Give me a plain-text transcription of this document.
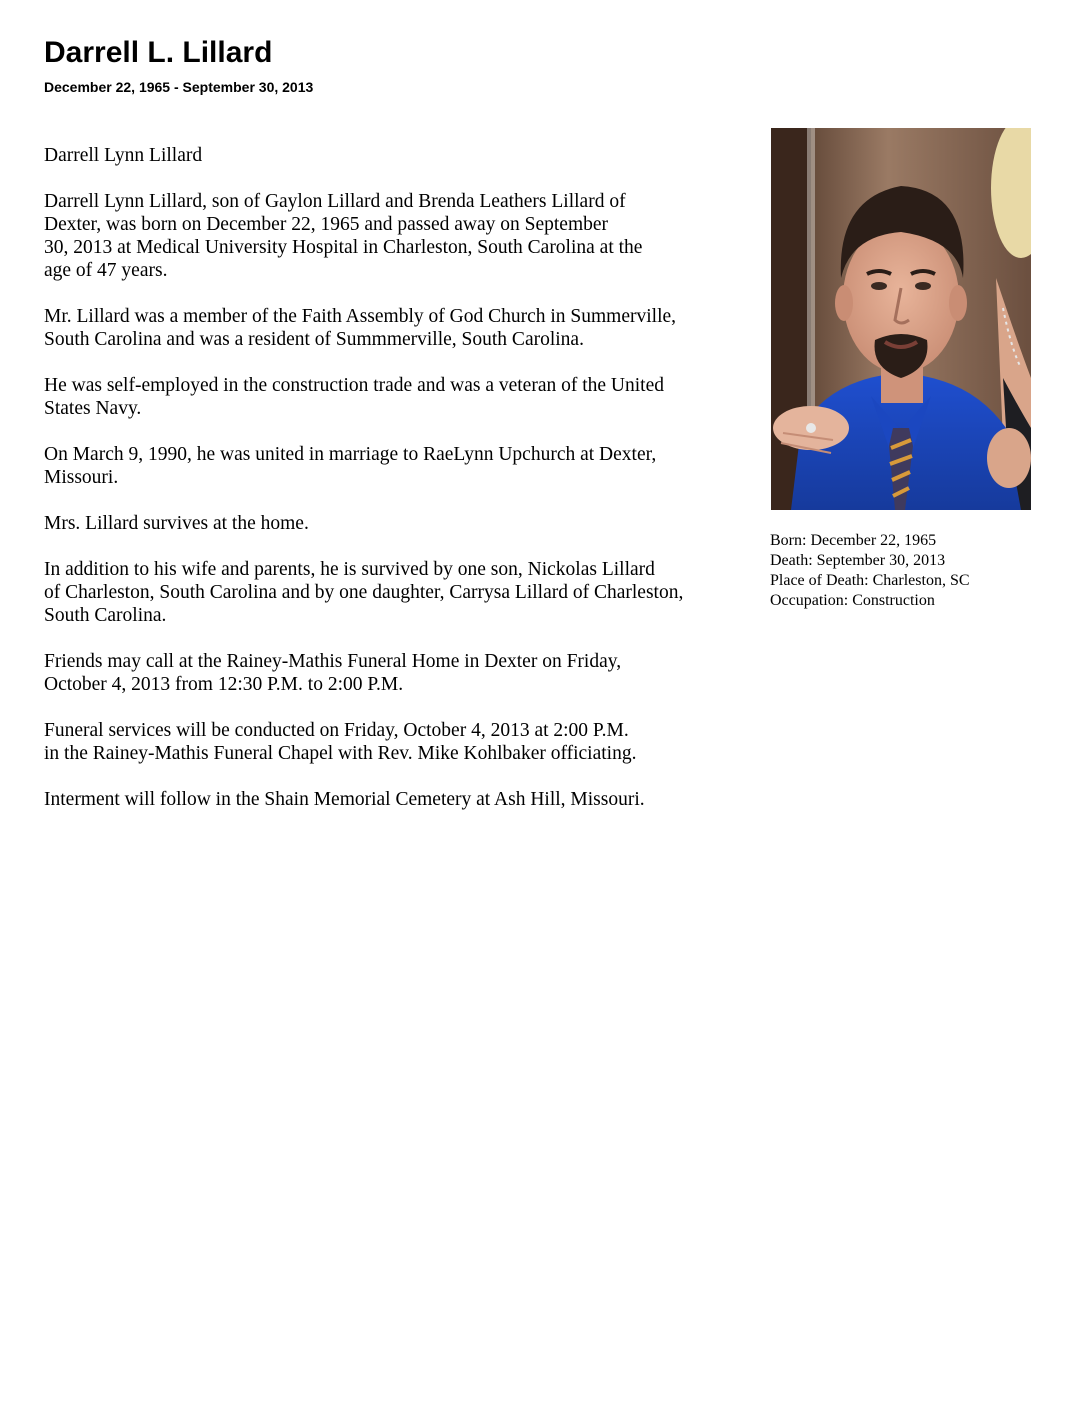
Darrell L. Lillard
December 22, 1965 - September 30, 2013

Darrell Lynn Lillard

Darrell Lynn Lillard, son of Gaylon Lillard and Brenda Leathers Lillard of
Dexter, was born on December 22, 1965 and passed away on September
30, 2013 at Medical University Hospital in Charleston, South Carolina at the
age of 47 years.

Mr. Lillard was a member of the Faith Assembly of God Church in Summerville,
South Carolina and was a resident of Summmerville, South Carolina.

He was self-employed in the construction trade and was a veteran of the United
States Navy.

On March 9, 1990, he was united in marriage to RaeLynn Upchurch at Dexter,
Missouri.

Mrs. Lillard survives at the home.

In addition to his wife and parents, he is survived by one son, Nickolas Lillard
of Charleston, South Carolina and by one daughter, Carrysa Lillard of Charleston,
South Carolina.

Friends may call at the Rainey-Mathis Funeral Home in Dexter on Friday,
October 4, 2013 from 12:30 P.M. to 2:00 P.M.

Funeral services will be conducted on Friday, October 4, 2013 at 2:00 P.M.
in the Rainey-Mathis Funeral Chapel with Rev. Mike Kohlbaker officiating.

Interment will follow in the Shain Memorial Cemetery at Ash Hill, Missouri.

Born: December 22, 1965
Death: September 30, 2013
Place of Death: Charleston, SC
Occupation: Construction
